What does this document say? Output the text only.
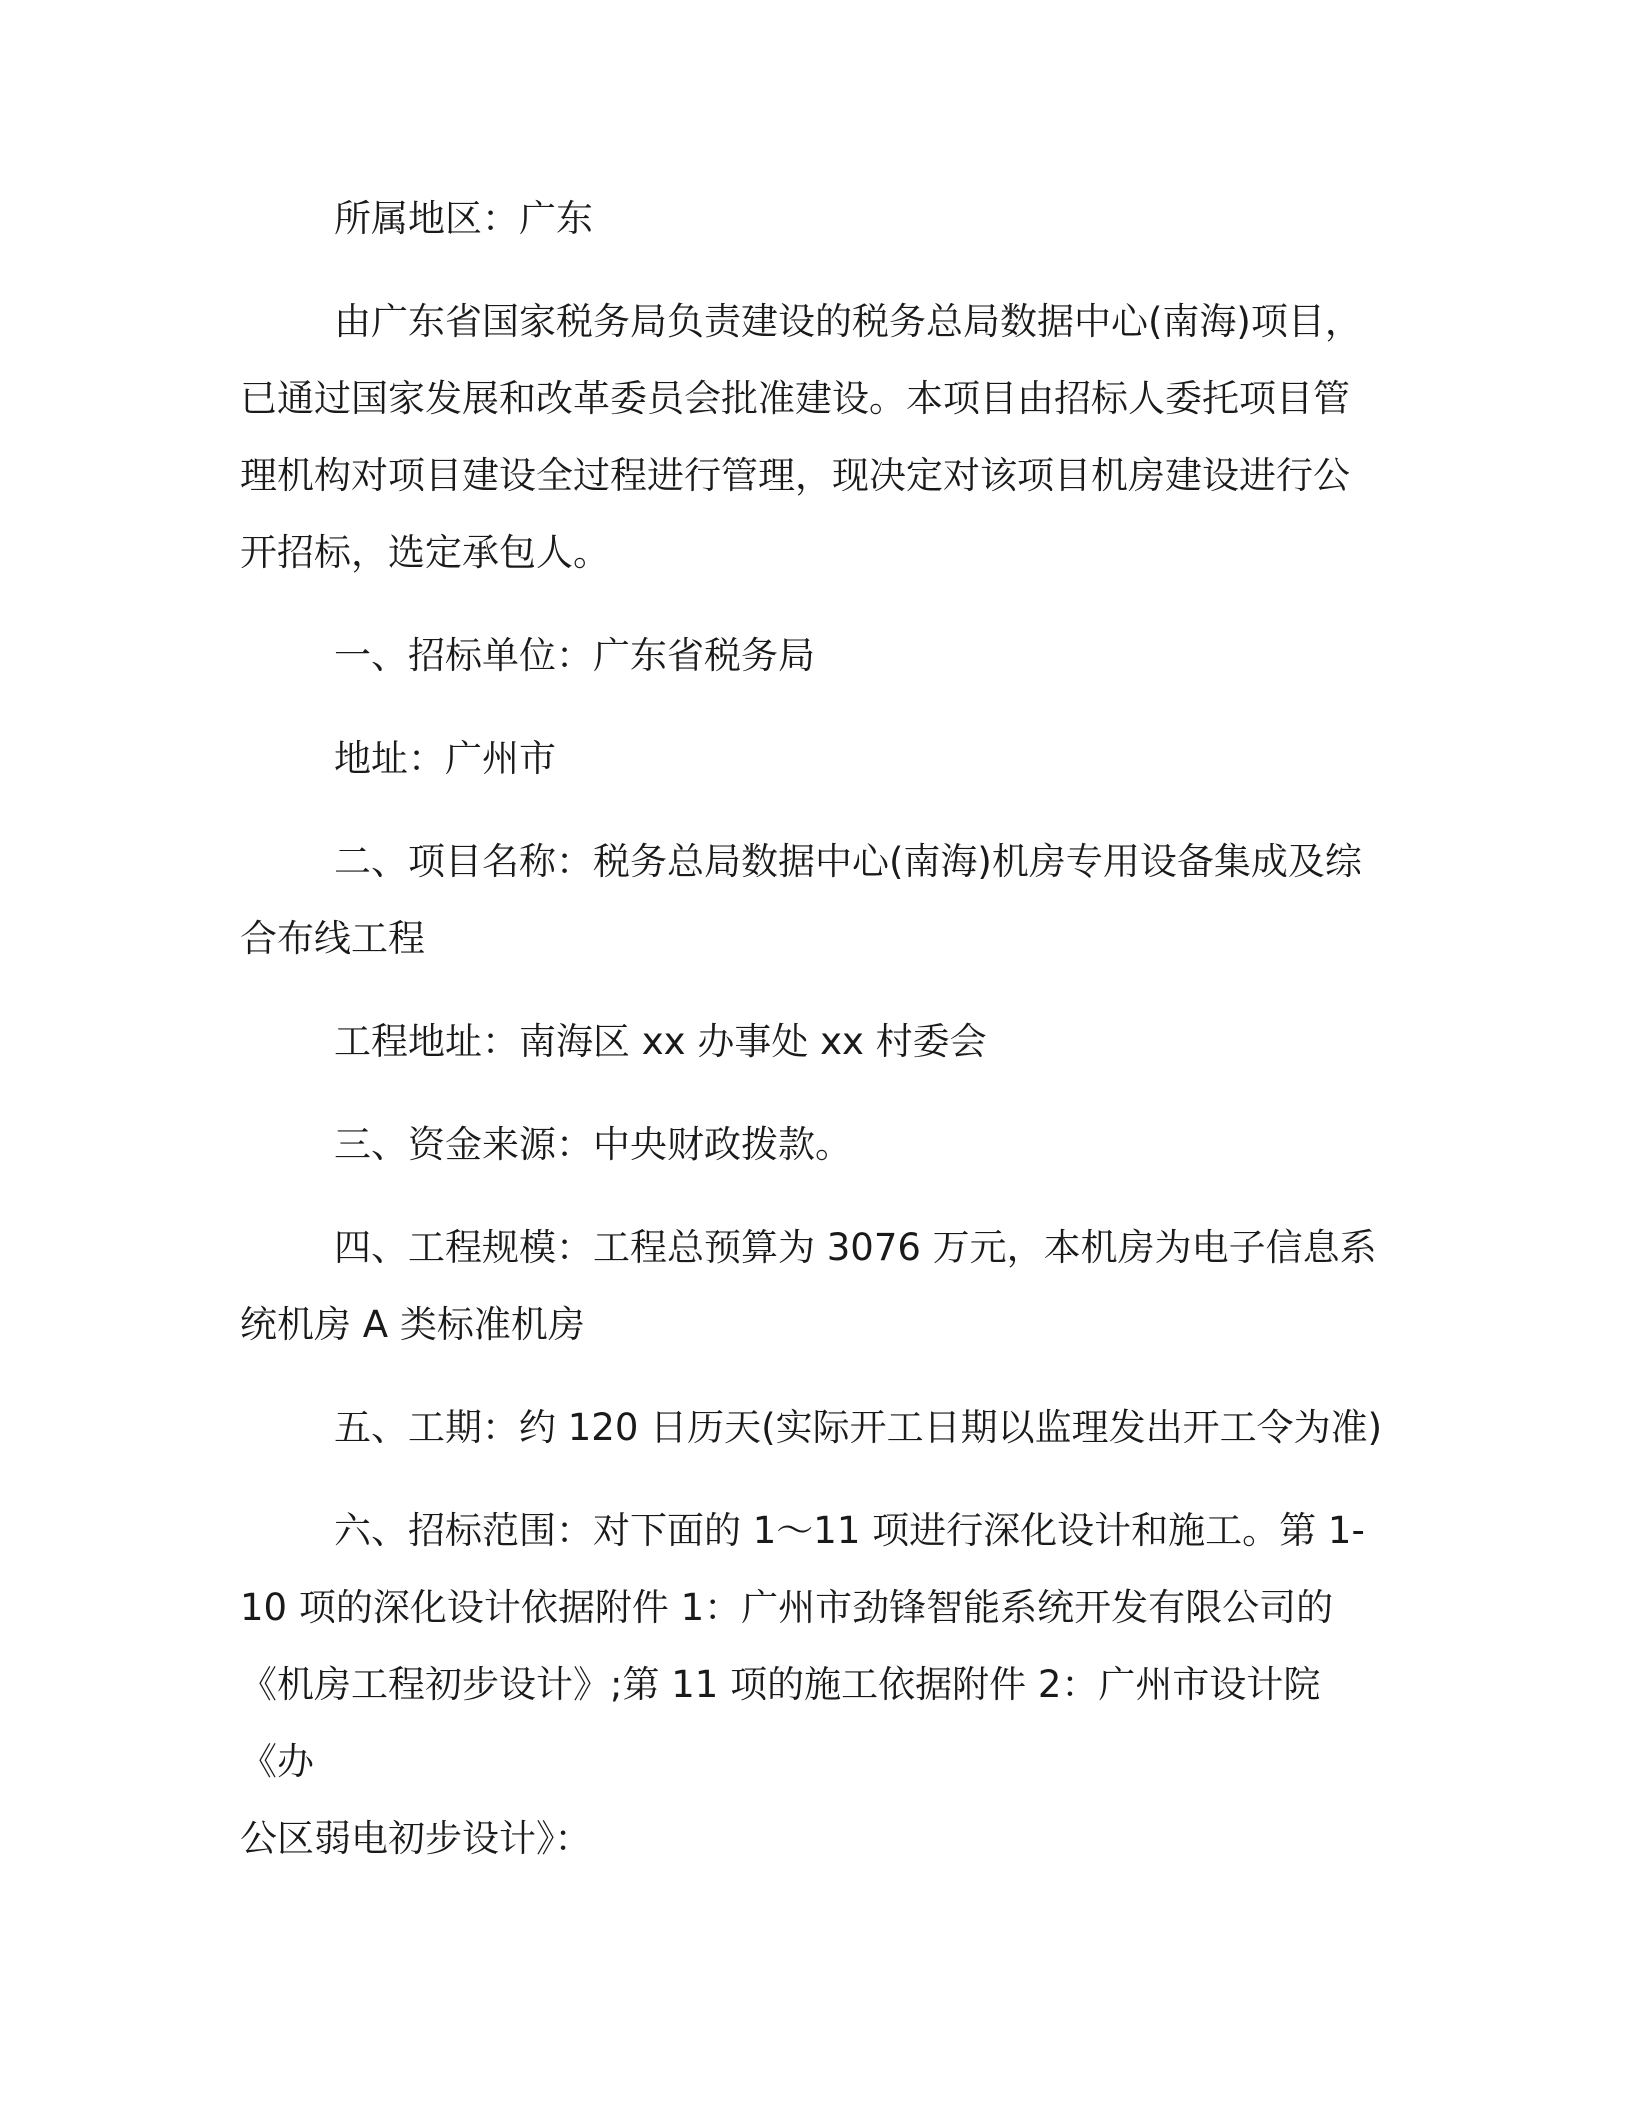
所属地区：广东

由广东省国家税务局负责建设的税务总局数据中心(南海)项目，
已通过国家发展和改革委员会批准建设。本项目由招标人委托项目管
理机构对项目建设全过程进行管理，现决定对该项目机房建设进行公
开招标，选定承包人。

一、招标单位：广东省税务局

地址：广州市

二、项目名称：税务总局数据中心(南海)机房专用设备集成及综
合布线工程

工程地址：南海区 xx 办事处 xx 村委会

三、资金来源：中央财政拨款。

四、工程规模：工程总预算为 3076 万元，本机房为电子信息系
统机房 A 类标准机房

五、工期：约 120 日历天(实际开工日期以监理发出开工令为准)

六、招标范围：对下面的 1～11 项进行深化设计和施工。第 1-
10 项的深化设计依据附件 1：广州市劲锋智能系统开发有限公司的
《机房工程初步设计》;第 11 项的施工依据附件 2：广州市设计院《办
公区弱电初步设计》：
